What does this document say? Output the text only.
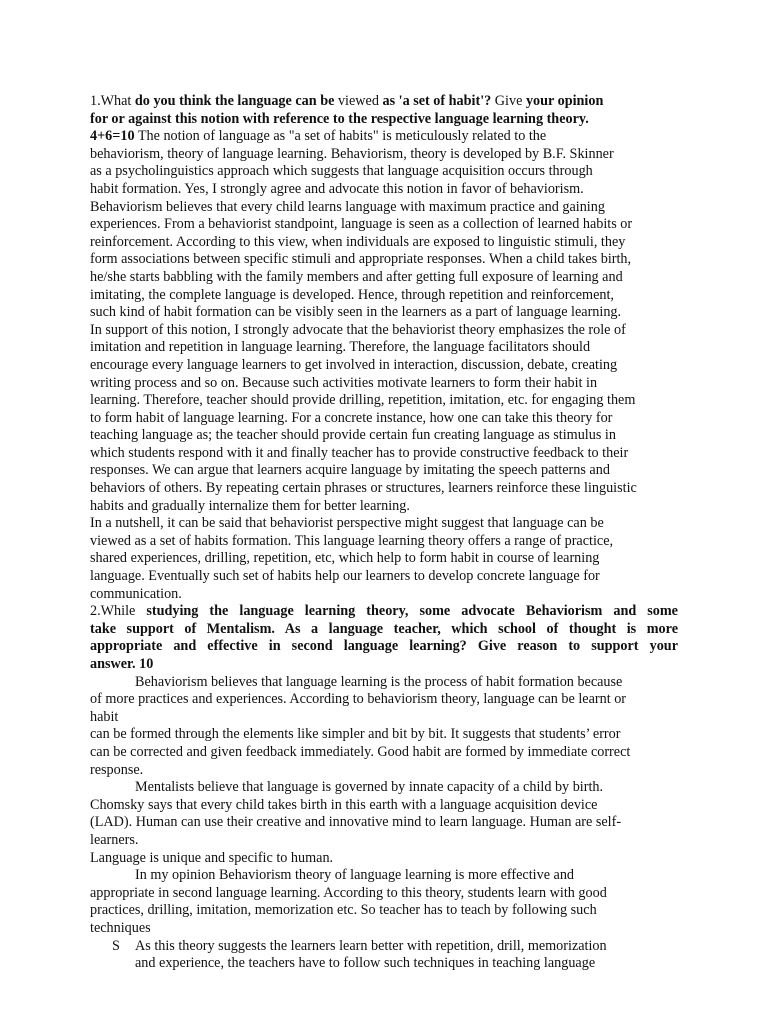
1.What do you think the language can be viewed as 'a set of habit'? Give your opinion
for or against this notion with reference to the respective language learning theory.
4+6=10 The notion of language as "a set of habits" is meticulously related to the
behaviorism, theory of language learning. Behaviorism, theory is developed by B.F. Skinner
as a psycholinguistics approach which suggests that language acquisition occurs through
habit formation. Yes, I strongly agree and advocate this notion in favor of behaviorism.
Behaviorism believes that every child learns language with maximum practice and gaining
experiences. From a behaviorist standpoint, language is seen as a collection of learned habits or
reinforcement. According to this view, when individuals are exposed to linguistic stimuli, they
form associations between specific stimuli and appropriate responses. When a child takes birth,
he/she starts babbling with the family members and after getting full exposure of learning and
imitating, the complete language is developed. Hence, through repetition and reinforcement,
such kind of habit formation can be visibly seen in the learners as a part of language learning.
In support of this notion, I strongly advocate that the behaviorist theory emphasizes the role of
imitation and repetition in language learning. Therefore, the language facilitators should
encourage every language learners to get involved in interaction, discussion, debate, creating
writing process and so on. Because such activities motivate learners to form their habit in
learning. Therefore, teacher should provide drilling, repetition, imitation, etc. for engaging them
to form habit of language learning. For a concrete instance, how one can take this theory for
teaching language as; the teacher should provide certain fun creating language as stimulus in
which students respond with it and finally teacher has to provide constructive feedback to their
responses. We can argue that learners acquire language by imitating the speech patterns and
behaviors of others. By repeating certain phrases or structures, learners reinforce these linguistic
habits and gradually internalize them for better learning.
In a nutshell, it can be said that behaviorist perspective might suggest that language can be
viewed as a set of habits formation. This language learning theory offers a range of practice,
shared experiences, drilling, repetition, etc, which help to form habit in course of learning
language. Eventually such set of habits help our learners to develop concrete language for
communication.
2.While studying the language learning theory, some advocate Behaviorism and some
take support of Mentalism. As a language teacher, which school of thought is more
appropriate and effective in second language learning? Give reason to support your
answer. 10
Behaviorism believes that language learning is the process of habit formation because
of more practices and experiences. According to behaviorism theory, language can be learnt or
habit
can be formed through the elements like simpler and bit by bit. It suggests that students’ error
can be corrected and given feedback immediately. Good habit are formed by immediate correct
response.
Mentalists believe that language is governed by innate capacity of a child by birth.
Chomsky says that every child takes birth in this earth with a language acquisition device
(LAD). Human can use their creative and innovative mind to learn language. Human are self-
learners.
Language is unique and specific to human.
In my opinion Behaviorism theory of language learning is more effective and
appropriate in second language learning. According to this theory, students learn with good
practices, drilling, imitation, memorization etc. So teacher has to teach by following such
techniques
S	As this theory suggests the learners learn better with repetition, drill, memorization
and experience, the teachers have to follow such techniques in teaching language
